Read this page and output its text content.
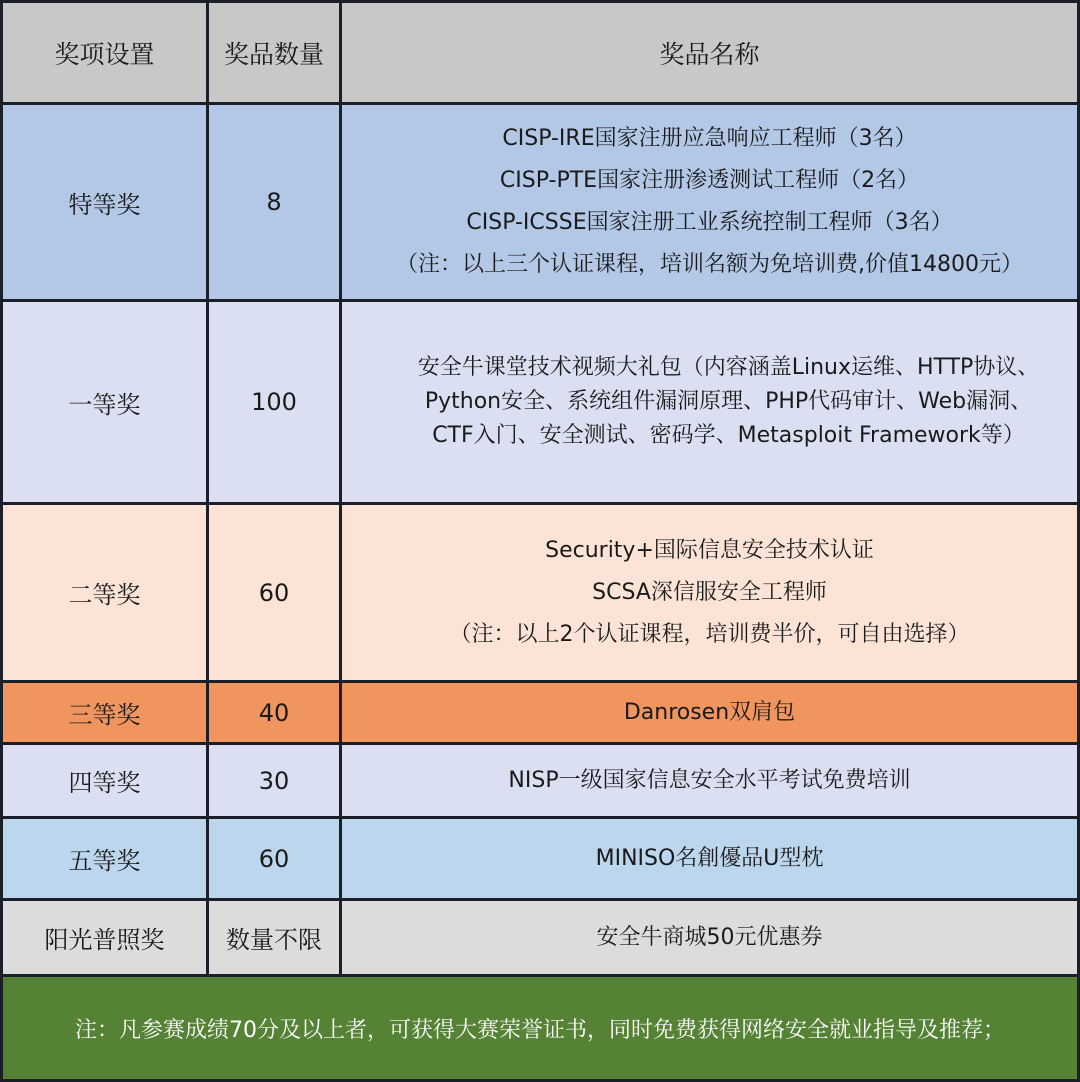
奖项设置	奖品数量	奖品名称
特等奖	8	CISP-IRE国家注册应急响应工程师（3名）
CISP-PTE国家注册渗透测试工程师（2名）
CISP-ICSSE国家注册工业系统控制工程师（3名）
（注：以上三个认证课程，培训名额为免培训费,价值14800元）

一等奖	100	安全牛课堂技术视频大礼包（内容涵盖Linux运维、HTTP协议、
Python安全、系统组件漏洞原理、PHP代码审计、Web漏洞、
CTF入门、安全测试、密码学、Metasploit Framework等）

二等奖	60	Security+国际信息安全技术认证
SCSA深信服安全工程师
（注：以上2个认证课程，培训费半价，可自由选择）

三等奖	40	Danrosen双肩包

四等奖	30	NISP一级国家信息安全水平考试免费培训

五等奖	60	MINISO名創優品U型枕

阳光普照奖	数量不限	安全牛商城50元优惠券

注：凡参赛成绩70分及以上者，可获得大赛荣誉证书，同时免费获得网络安全就业指导及推荐；		
